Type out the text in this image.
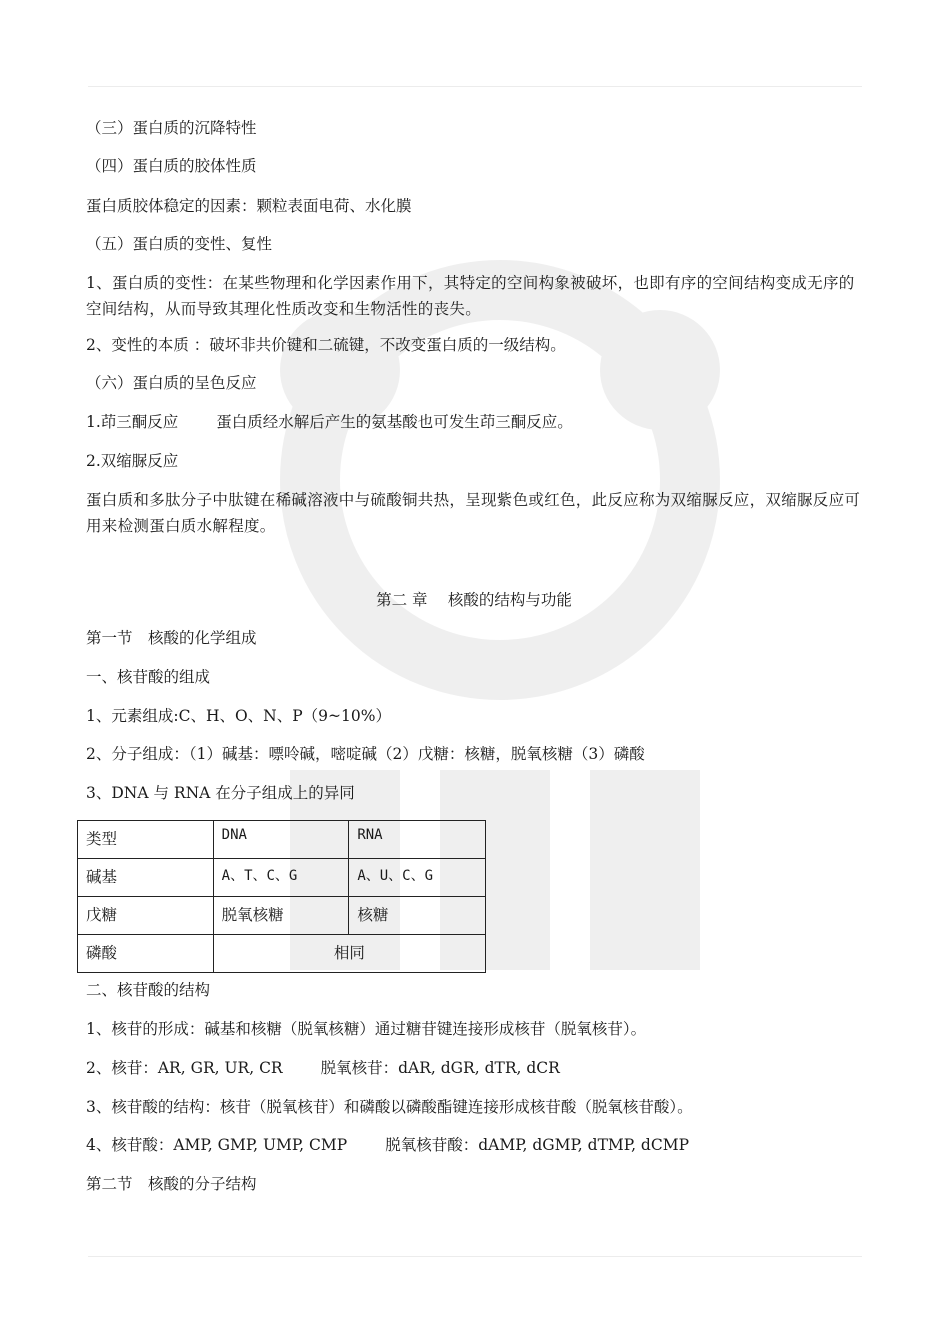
（三）蛋白质的沉降特性
（四）蛋白质的胶体性质
蛋白质胶体稳定的因素：颗粒表面电荷、水化膜
（五）蛋白质的变性、复性
1、蛋白质的变性：在某些物理和化学因素作用下，其特定的空间构象被破坏，也即有序的空间结构变成无序的空间结构，从而导致其理化性质改变和生物活性的丧失。
2、变性的本质 ：破坏非共价键和二硫键，不改变蛋白质的一级结构。
（六）蛋白质的呈色反应
1.茚三酮反应 蛋白质经水解后产生的氨基酸也可发生茚三酮反应。
2.双缩脲反应
蛋白质和多肽分子中肽键在稀碱溶液中与硫酸铜共热，呈现紫色或红色，此反应称为双缩脲反应，双缩脲反应可用来检测蛋白质水解程度。
第二 章　 核酸的结构与功能
第一节　核酸的化学组成
一、核苷酸的组成
1、元素组成:C、H、O、N、P（9~10%）
2、分子组成：（1）碱基：嘌呤碱，嘧啶碱（2）戊糖：核糖，脱氧核糖（3）磷酸
3、DNA 与 RNA 在分子组成上的异同
类型	DNA	RNA
碱基	A、T、C、G	A、U、C、G
戊糖	脱氧核糖	核糖
磷酸	相同	
二、核苷酸的结构
1、核苷的形成：碱基和核糖（脱氧核糖）通过糖苷键连接形成核苷（脱氧核苷）。
2、核苷：AR, GR, UR, CR 脱氧核苷：dAR, dGR, dTR, dCR
3、核苷酸的结构：核苷（脱氧核苷）和磷酸以磷酸酯键连接形成核苷酸（脱氧核苷酸）。
4、核苷酸：AMP, GMP, UMP, CMP 脱氧核苷酸：dAMP, dGMP, dTMP, dCMP
第二节　核酸的分子结构
